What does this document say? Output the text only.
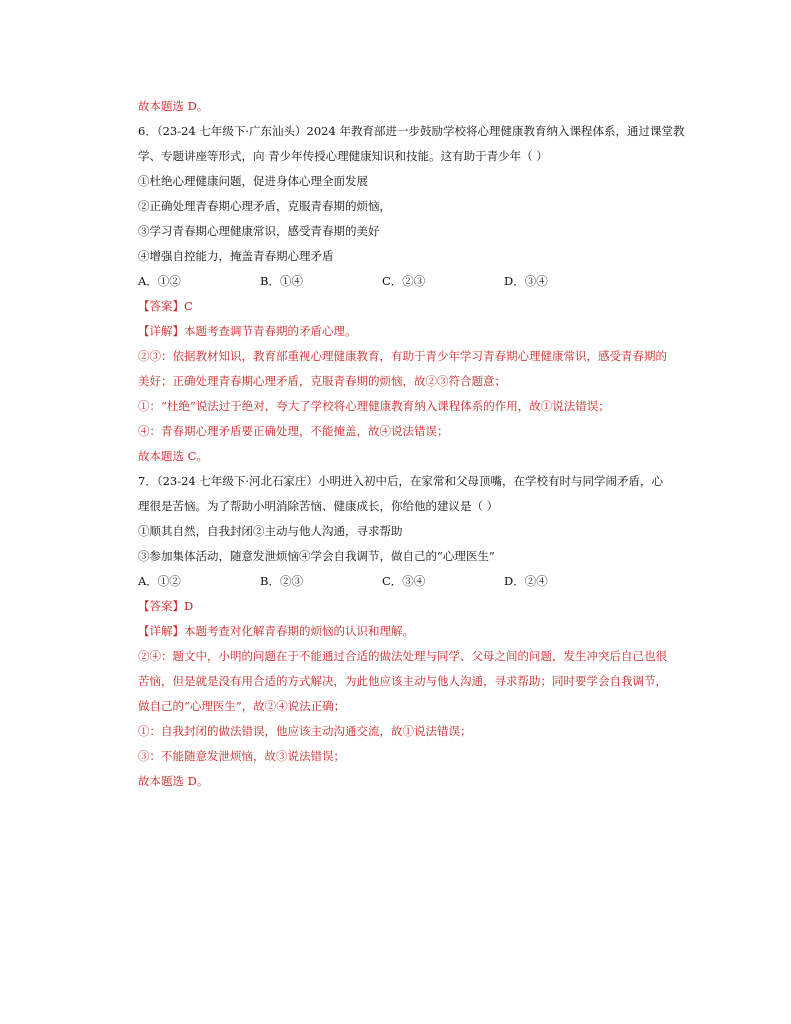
故本题选 D。
6．（23-24 七年级下·广东汕头）2024 年教育部进一步鼓励学校将心理健康教育纳入课程体系，通过课堂教
学、专题讲座等形式，向 青少年传授心理健康知识和技能。这有助于青少年（ ）
①杜绝心理健康问题，促进身体心理全面发展
②正确处理青春期心理矛盾，克服青春期的烦恼，
③学习青春期心理健康常识，感受青春期的美好
④增强自控能力，掩盖青春期心理矛盾
A．①②	B．①④	C．②③	D．③④
【答案】C
【详解】本题考查调节青春期的矛盾心理。
②③：依据教材知识，教育部重视心理健康教育，有助于青少年学习青春期心理健康常识，感受青春期的
美好；正确处理青春期心理矛盾，克服青春期的烦恼，故②③符合题意；
①：“杜绝”说法过于绝对，夸大了学校将心理健康教育纳入课程体系的作用，故①说法错误；
④：青春期心理矛盾要正确处理，不能掩盖，故④说法错误；
故本题选 C。
7．（23-24 七年级下·河北石家庄）小明进入初中后，在家常和父母顶嘴，在学校有时与同学闹矛盾，心
理很是苦恼。为了帮助小明消除苦恼、健康成长，你给他的建议是（ ）
①顺其自然，自我封闭②主动与他人沟通，寻求帮助
③参加集体活动，随意发泄烦恼④学会自我调节，做自己的“心理医生”
A．①②	B．②③	C．③④	D．②④
【答案】D
【详解】本题考查对化解青春期的烦恼的认识和理解。
②④：题文中，小明的问题在于不能通过合适的做法处理与同学、父母之间的问题，发生冲突后自己也很
苦恼，但是就是没有用合适的方式解决，为此他应该主动与他人沟通，寻求帮助；同时要学会自我调节，
做自己的“心理医生”，故②④说法正确；
①：自我封闭的做法错误，他应该主动沟通交流，故①说法错误；
③：不能随意发泄烦恼，故③说法错误；
故本题选 D。
